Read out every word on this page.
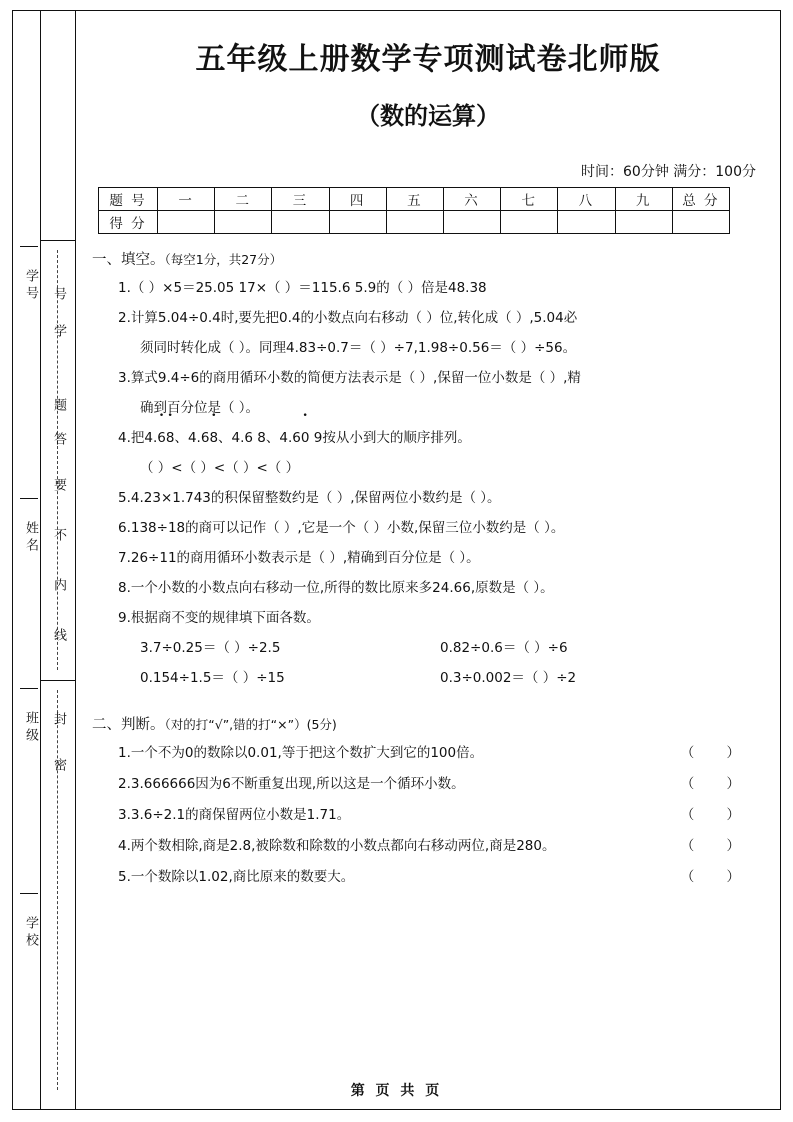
学
号
题
答
要
不
内
线
封
密
学号
姓名
班级
学校
五年级上册数学专项测试卷北师版
（数的运算）
时间：60分钟 满分：100分
题 号	一	二	三	四	五	六	七	八	九	总 分
得 分										
一、填空。（每空1分，共27分）
1.（ ）×5＝25.05 17×（ ）＝115.6 5.9的（ ）倍是48.38
2.计算5.04÷0.4时,要先把0.4的小数点向右移动（ ）位,转化成（ ）,5.04必
须同时转化成（ ）。同理4.83÷0.7＝（ ）÷7,1.98÷0.56＝（ ）÷56。
3.算式9.4÷6的商用循环小数的简便方法表示是（ ）,保留一位小数是（ ）,精
确到百分位是（ ）。
4.把4.6 •8 •、4.68 •、4.6 8、4.60 • 9按从小到大的顺序排列。
（ ）<（ ）<（ ）<（ ）
5.4.23×1.743的积保留整数约是（ ）,保留两位小数约是（ ）。
6.138÷18的商可以记作（ ）,它是一个（ ）小数,保留三位小数约是（ ）。
7.26÷11的商用循环小数表示是（ ）,精确到百分位是（ ）。
8.一个小数的小数点向右移动一位,所得的数比原来多24.66,原数是（ ）。
9.根据商不变的规律填下面各数。
3.7÷0.25＝（ ）÷2.5	0.82÷0.6＝（ ）÷6
0.154÷1.5＝（ ）÷15	0.3÷0.002＝（ ）÷2
二、判断。（对的打“√”,错的打“×”）(5分)
1.一个不为0的数除以0.01,等于把这个数扩大到它的100倍。	（ ）
2.3.666666因为6不断重复出现,所以这是一个循环小数。	（ ）
3.3.6÷2.1的商保留两位小数是1.71。	（ ）
4.两个数相除,商是2.8,被除数和除数的小数点都向右移动两位,商是280。	（ ）
5.一个数除以1.02,商比原来的数要大。	（ ）
第 页 共 页
